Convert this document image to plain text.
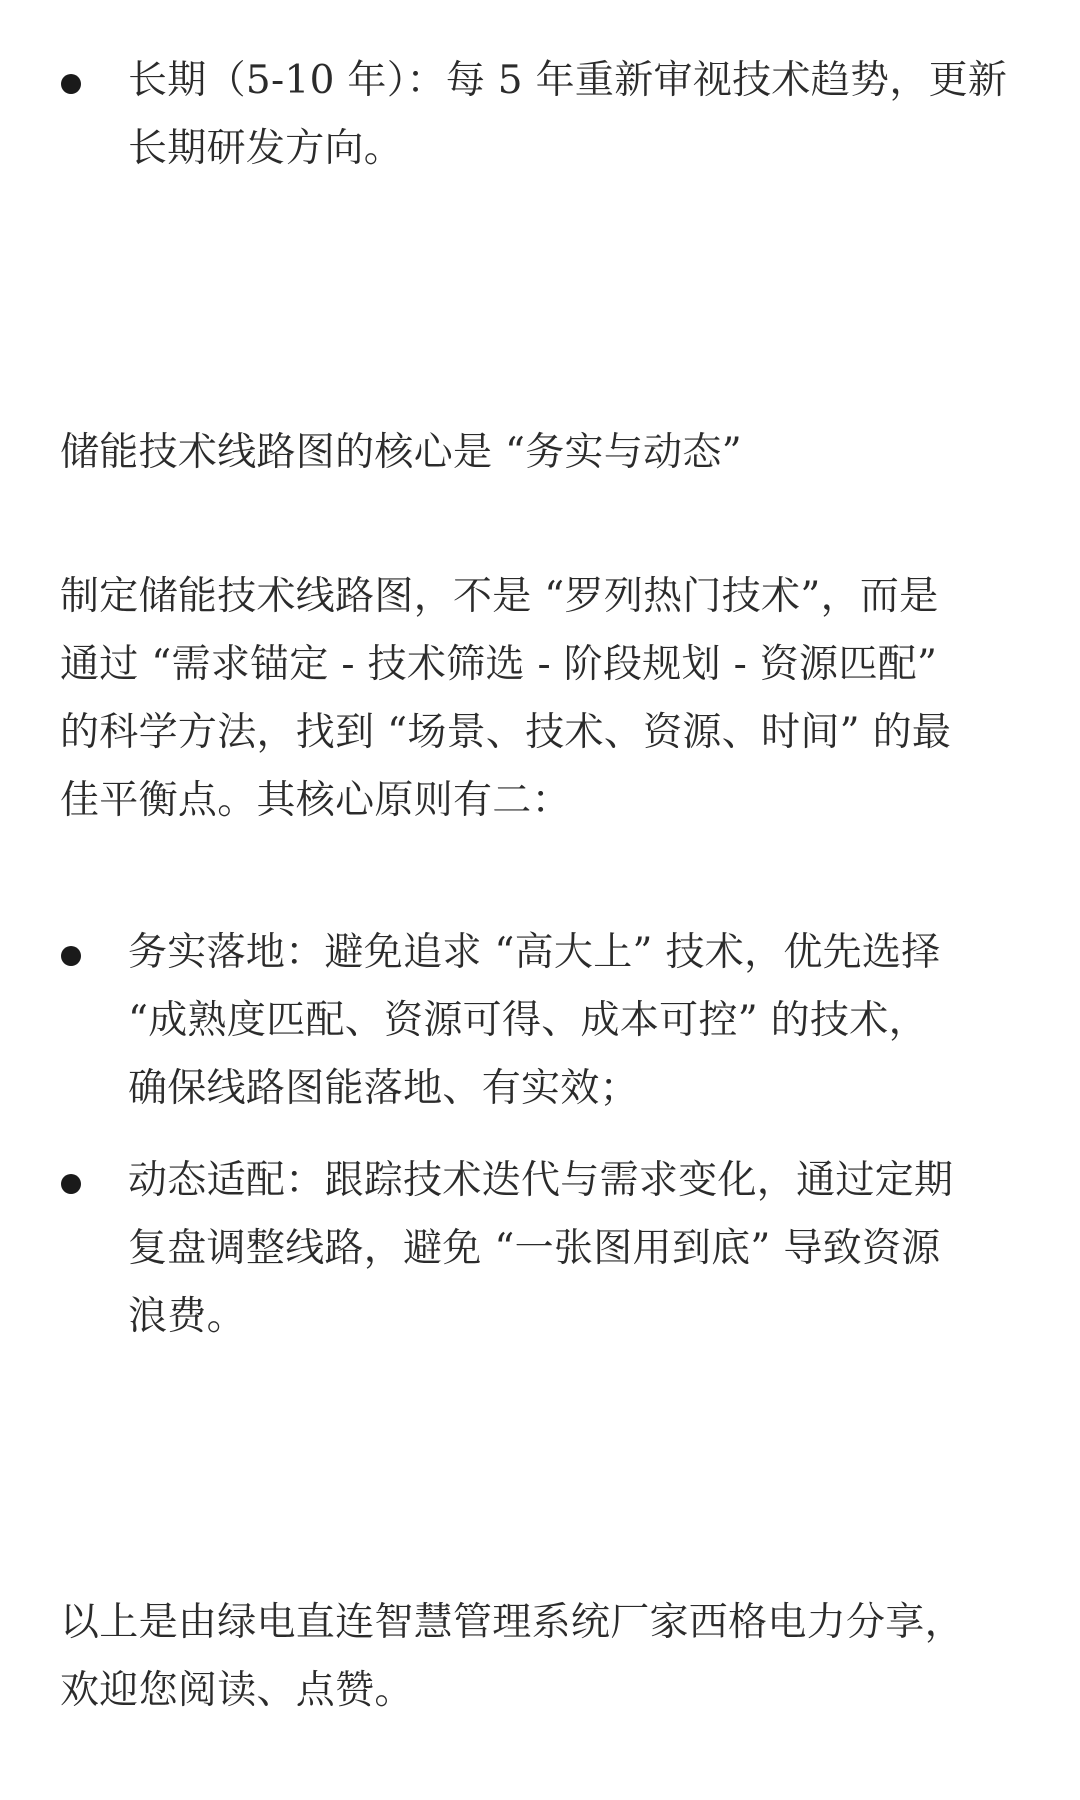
长期（5-10 年）：每 5 年重新审视技术趋势，更新
长期研发方向。
储能技术线路图的核心是 “务实与动态”
制定储能技术线路图，不是 “罗列热门技术”，而是
通过 “需求锚定 - 技术筛选 - 阶段规划 - 资源匹配”
的科学方法，找到 “场景、技术、资源、时间” 的最
佳平衡点。其核心原则有二：
务实落地：避免追求 “高大上” 技术，优先选择
“成熟度匹配、资源可得、成本可控” 的技术，
确保线路图能落地、有实效；
动态适配：跟踪技术迭代与需求变化，通过定期
复盘调整线路，避免 “一张图用到底” 导致资源
浪费。
以上是由绿电直连智慧管理系统厂家西格电力分享，
欢迎您阅读、点赞。
